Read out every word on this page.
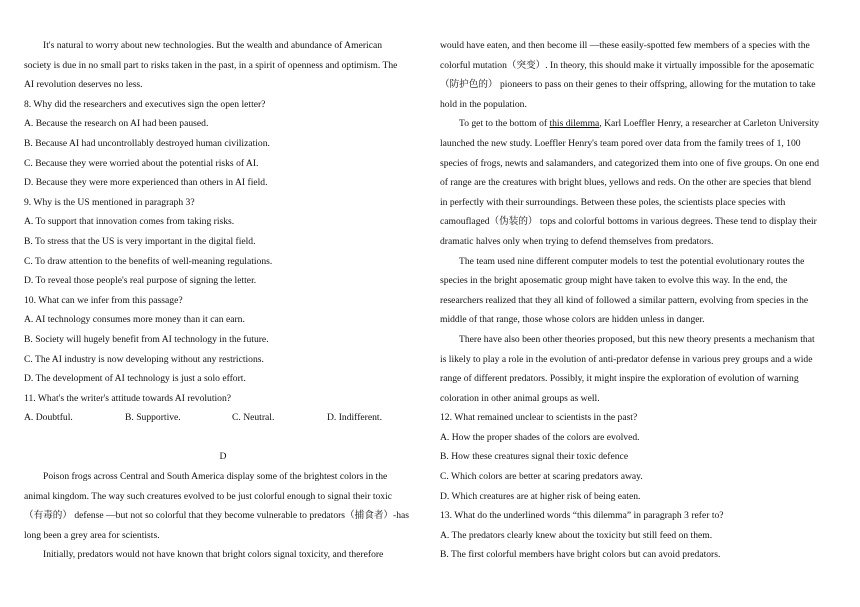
It's natural to worry about new technologies. But the wealth and abundance of American
society is due in no small part to risks taken in the past, in a spirit of openness and optimism. The
AI revolution deserves no less.
8. Why did the researchers and executives sign the open letter?
A. Because the research on AI had been paused.
B. Because AI had uncontrollably destroyed human civilization.
C. Because they were worried about the potential risks of AI.
D. Because they were more experienced than others in AI field.
9. Why is the US mentioned in paragraph 3?
A. To support that innovation comes from taking risks.
B. To stress that the US is very important in the digital field.
C. To draw attention to the benefits of well-meaning regulations.
D. To reveal those people's real purpose of signing the letter.
10. What can we infer from this passage?
A. AI technology consumes more money than it can earn.
B. Society will hugely benefit from AI technology in the future.
C. The AI industry is now developing without any restrictions.
D. The development of AI technology is just a solo effort.
11. What's the writer's attitude towards AI revolution?
A. Doubtful.	B. Supportive.	C. Neutral.	D. Indifferent.
D
Poison frogs across Central and South America display some of the brightest colors in the
animal kingdom. The way such creatures evolved to be just colorful enough to signal their toxic
（有毒的） defense —but not so colorful that they become vulnerable to predators（捕食者）-has
long been a grey area for scientists.
Initially, predators would not have known that bright colors signal toxicity, and therefore
would have eaten, and then become ill —these easily-spotted few members of a species with the
colorful mutation（突变）. In theory, this should make it virtually impossible for the aposematic
（防护色的） pioneers to pass on their genes to their offspring, allowing for the mutation to take
hold in the population.
To get to the bottom of this dilemma, Karl Loeffler Henry, a researcher at Carleton University
launched the new study. Loeffler Henry's team pored over data from the family trees of 1, 100
species of frogs, newts and salamanders, and categorized them into one of five groups. On one end
of range are the creatures with bright blues, yellows and reds. On the other are species that blend
in perfectly with their surroundings. Between these poles, the scientists place species with
camouflaged（伪装的） tops and colorful bottoms in various degrees. These tend to display their
dramatic halves only when trying to defend themselves from predators.
The team used nine different computer models to test the potential evolutionary routes the
species in the bright aposematic group might have taken to evolve this way. In the end, the
researchers realized that they all kind of followed a similar pattern, evolving from species in the
middle of that range, those whose colors are hidden unless in danger.
There have also been other theories proposed, but this new theory presents a mechanism that
is likely to play a role in the evolution of anti-predator defense in various prey groups and a wide
range of different predators. Possibly, it might inspire the exploration of evolution of warning
coloration in other animal groups as well.
12. What remained unclear to scientists in the past?
A. How the proper shades of the colors are evolved.
B. How these creatures signal their toxic defence
C. Which colors are better at scaring predators away.
D. Which creatures are at higher risk of being eaten.
13. What do the underlined words “this dilemma” in paragraph 3 refer to?
A. The predators clearly knew about the toxicity but still feed on them.
B. The first colorful members have bright colors but can avoid predators.
